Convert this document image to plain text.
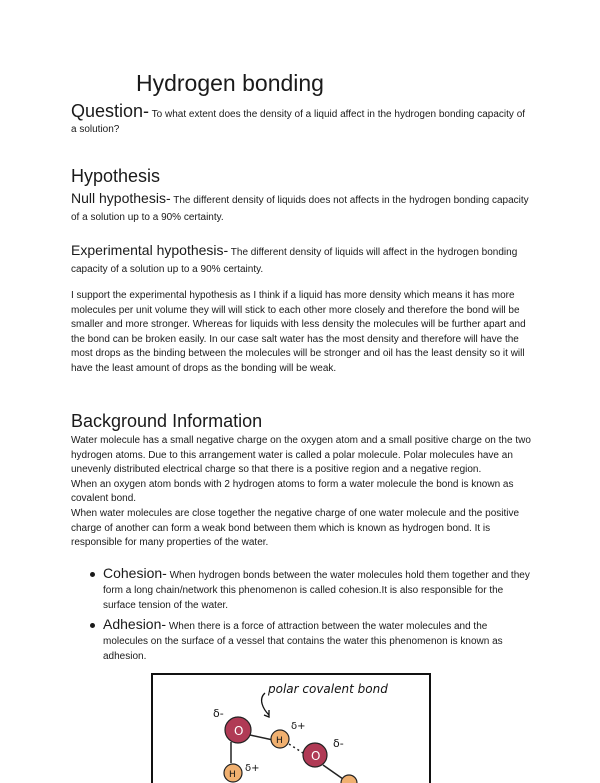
Hydrogen bonding

Question- To what extent does the density of a liquid affect in the hydrogen bonding capacity of a solution?

Hypothesis

Null hypothesis- The different density of liquids does not affects in the hydrogen bonding capacity of a solution up to a 90% certainty.

Experimental hypothesis- The different density of liquids will affect in the hydrogen bonding capacity of a solution up to a 90% certainty.

I support the experimental hypothesis as I think if a liquid has more density which means it has more molecules per unit volume they will will stick to each other more closely and therefore the bond will be smaller and more stronger. Whereas for liquids with less density the molecules will be further apart and the bond can be broken easily. In our case salt water has the most density and therefore will have the most drops as the binding between the molecules will be stronger and oil has the least density so it will have the least amount of drops as the bonding will be weak.
Background Information

Water molecule has a small negative charge on the oxygen atom and a small positive charge on the two hydrogen atoms. Due to this arrangement water is called a polar molecule. Polar molecules have an unevenly distributed electrical charge so that there is a positive region and a negative region.

When an oxygen atom bonds with 2 hydrogen atoms to form a water molecule the bond is known as covalent bond.

When water molecules are close together the negative charge of one water molecule and the positive charge of another can form a weak bond between them which is known as hydrogen bond. It is responsible for many properties of the water.

Cohesion- When hydrogen bonds between the water molecules hold them together and they form a long chain/network this phenomenon is called cohesion.It is also responsible for the surface tension of the water.
Adhesion- When there is a force of attraction between the water molecules and the molecules on the surface of a vessel that contains the water this phenomenon is known as adhesion.
polar covalent bond
O
δ-
H
δ+
O
δ-
H
δ+
